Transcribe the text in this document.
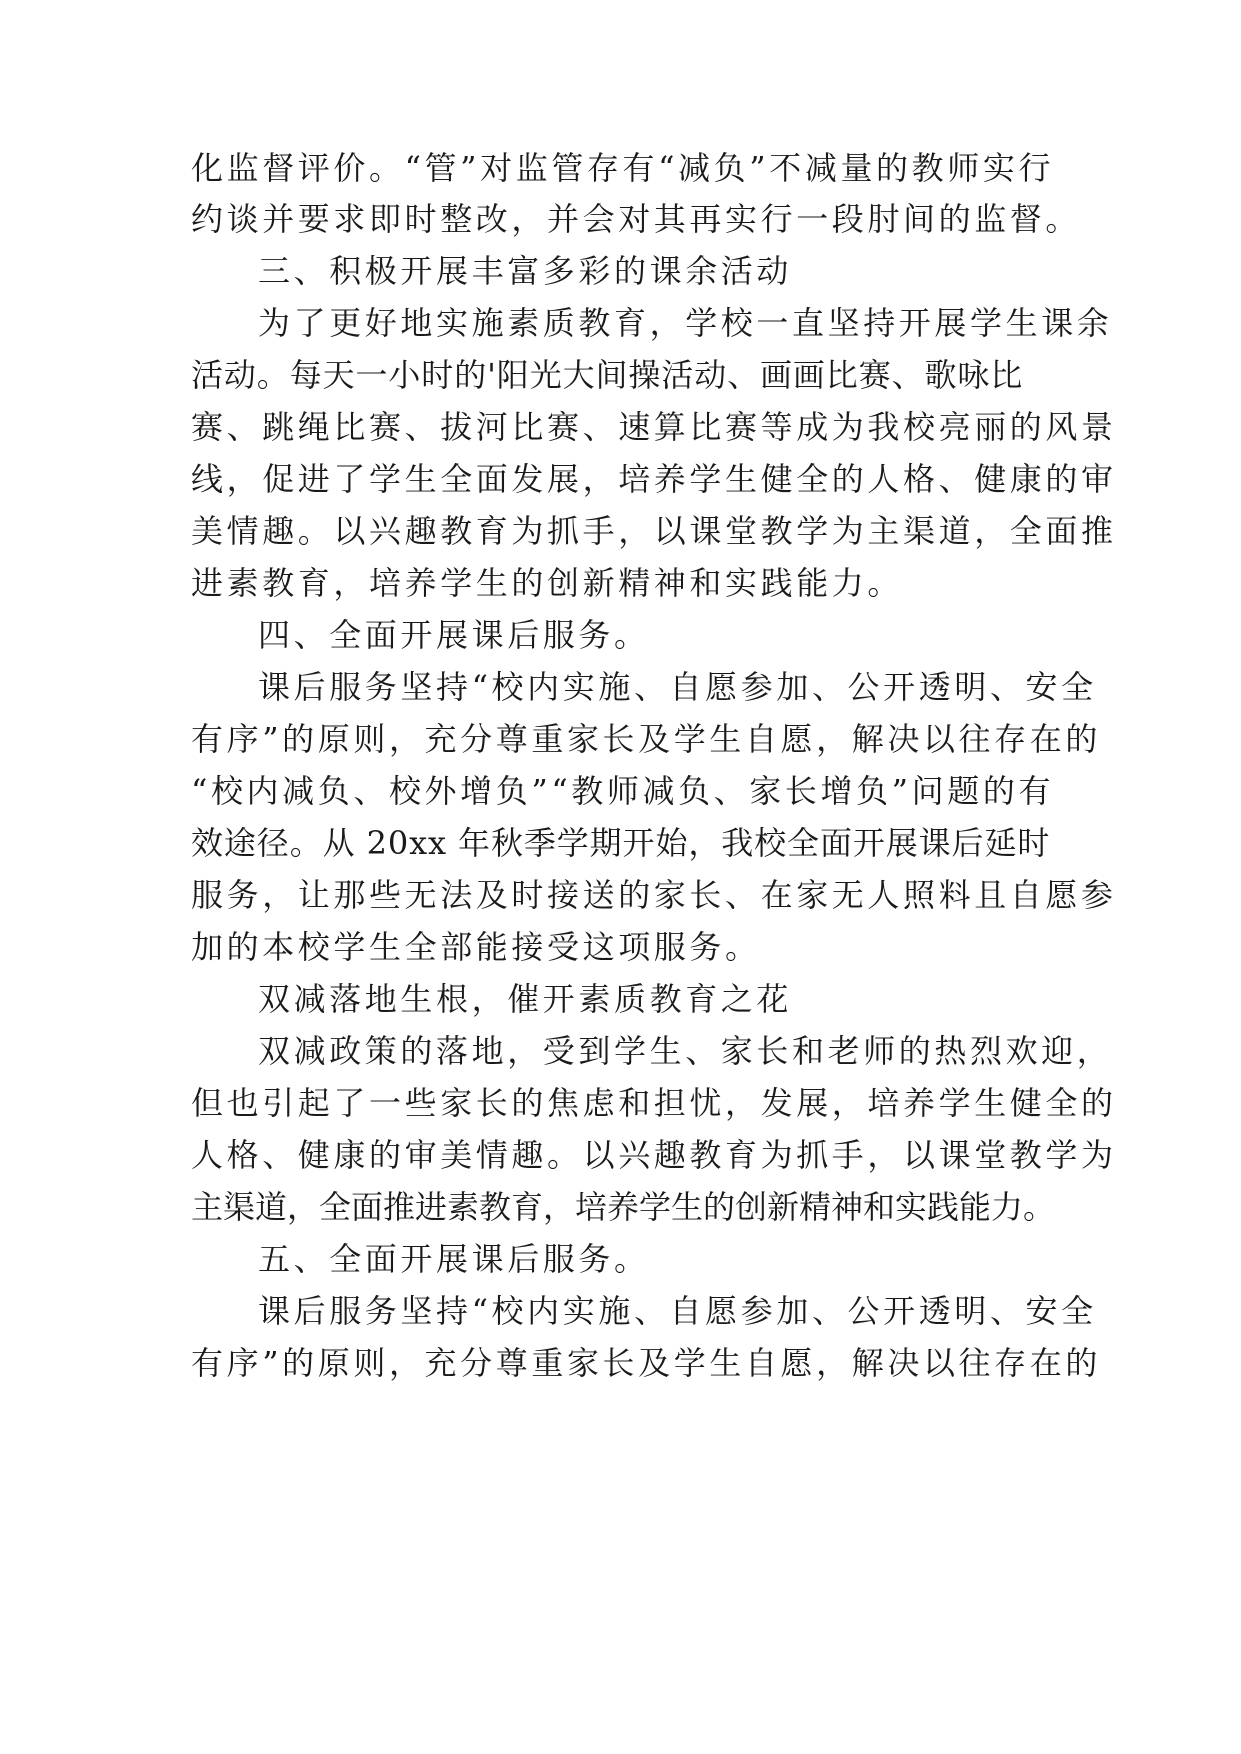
化监督评价。“管”对监管存有“减负”不减量的教师实行

约谈并要求即时整改，并会对其再实行一段肘间的监督。

三、积极开展丰富多彩的课余活动

为了更好地实施素质教育，学校一直坚持开展学生课余

活动。每天一小时的'阳光大间操活动、画画比赛、歌咏比

赛、跳绳比赛、拔河比赛、速算比赛等成为我校亮丽的风景

线，促进了学生全面发展，培养学生健全的人格、健康的审

美情趣。以兴趣教育为抓手，以课堂教学为主渠道，全面推

进素教育，培养学生的创新精神和实践能力。

四、全面开展课后服务。

课后服务坚持“校内实施、自愿参加、公开透明、安全

有序”的原则，充分尊重家长及学生自愿，解决以往存在的

“校内减负、校外增负”“教师减负、家长增负”问题的有

效途径。从 20xx 年秋季学期开始，我校全面开展课后延时

服务，让那些无法及时接送的家长、在家无人照料且自愿参

加的本校学生全部能接受这项服务。

双减落地生根，催开素质教育之花

双减政策的落地，受到学生、家长和老师的热烈欢迎，

但也引起了一些家长的焦虑和担忧，发展，培养学生健全的

人格、健康的审美情趣。以兴趣教育为抓手，以课堂教学为

主渠道，全面推进素教育，培养学生的创新精神和实践能力。

五、全面开展课后服务。

课后服务坚持“校内实施、自愿参加、公开透明、安全

有序”的原则，充分尊重家长及学生自愿，解决以往存在的
